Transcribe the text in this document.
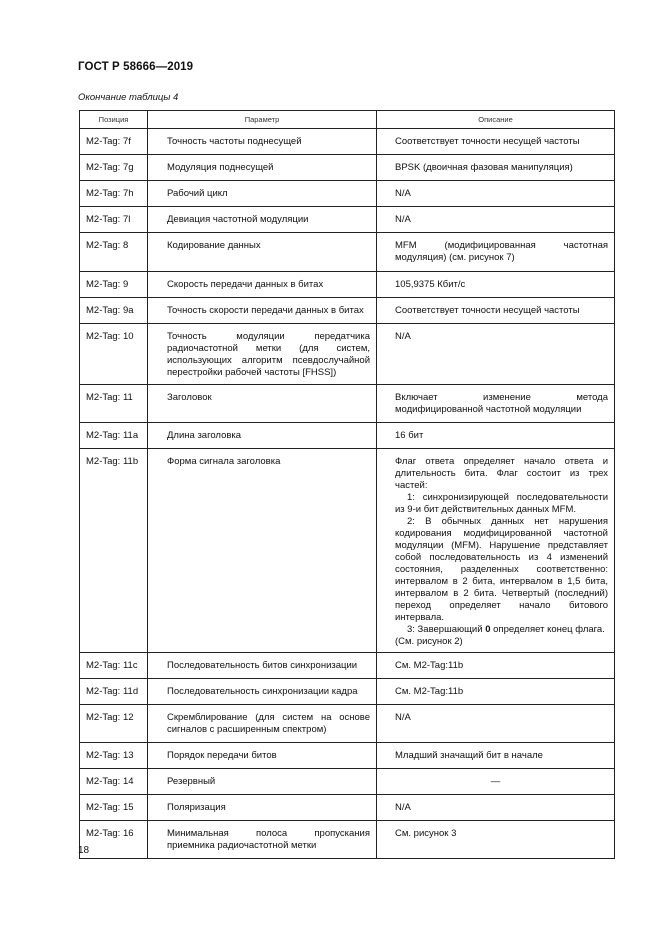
ГОСТ Р 58666—2019
Окончание таблицы 4
Позиция	Параметр	Описание
M2-Tag: 7f	Точность частоты поднесущей	Соответствует точности несущей частоты
M2-Tag: 7g	Модуляция поднесущей	BPSK (двоичная фазовая манипуляция)
M2-Tag: 7h	Рабочий цикл	N/A
M2-Tag: 7l	Девиация частотной модуляции	N/A
M2-Tag: 8	Кодирование данных	MFM (модифицированная частотная модуляция) (см. рисунок 7)
M2-Tag: 9	Скорость передачи данных в битах	105,9375 Кбит/с
M2-Tag: 9a	Точность скорости передачи данных в битах	Соответствует точности несущей частоты
M2-Tag: 10	Точность модуляции передатчика радиочастотной метки (для систем, использующих алгоритм псевдослучайной перестройки рабочей частоты [FHSS])	N/A
M2-Tag: 11	Заголовок	Включает изменение метода модифицированной частотной модуляции
M2-Tag: 11a	Длина заголовка	16 бит
M2-Tag: 11b	Форма сигнала заголовка	Флаг ответа определяет начало ответа и длительность бита. Флаг состоит из трех частей:
1: синхронизирующей последовательности из 9-и бит действительных данных MFM.
2: В обычных данных нет нарушения кодирования модифицированной частотной модуляции (MFM). Нарушение представляет собой последовательность из 4 изменений состояния, разделенных соответственно: интервалом в 2 бита, интервалом в 1,5 бита, интервалом в 2 бита. Четвертый (последний) переход определяет начало битового интервала.
3: Завершающий 0 определяет конец флага.
(См. рисунок 2)

M2-Tag: 11c	Последовательность битов синхронизации	См. M2-Tag:11b
M2-Tag: 11d	Последовательность синхронизации кадра	См. M2-Tag:11b
M2-Tag: 12	Скремблирование (для систем на основе сигналов с расширенным спектром)	N/A
M2-Tag: 13	Порядок передачи битов	Младший значащий бит в начале
M2-Tag: 14	Резервный	—
M2-Tag: 15	Поляризация	N/A
M2-Tag: 16	Минимальная полоса пропускания приемника радиочастотной метки	См. рисунок 3
18
